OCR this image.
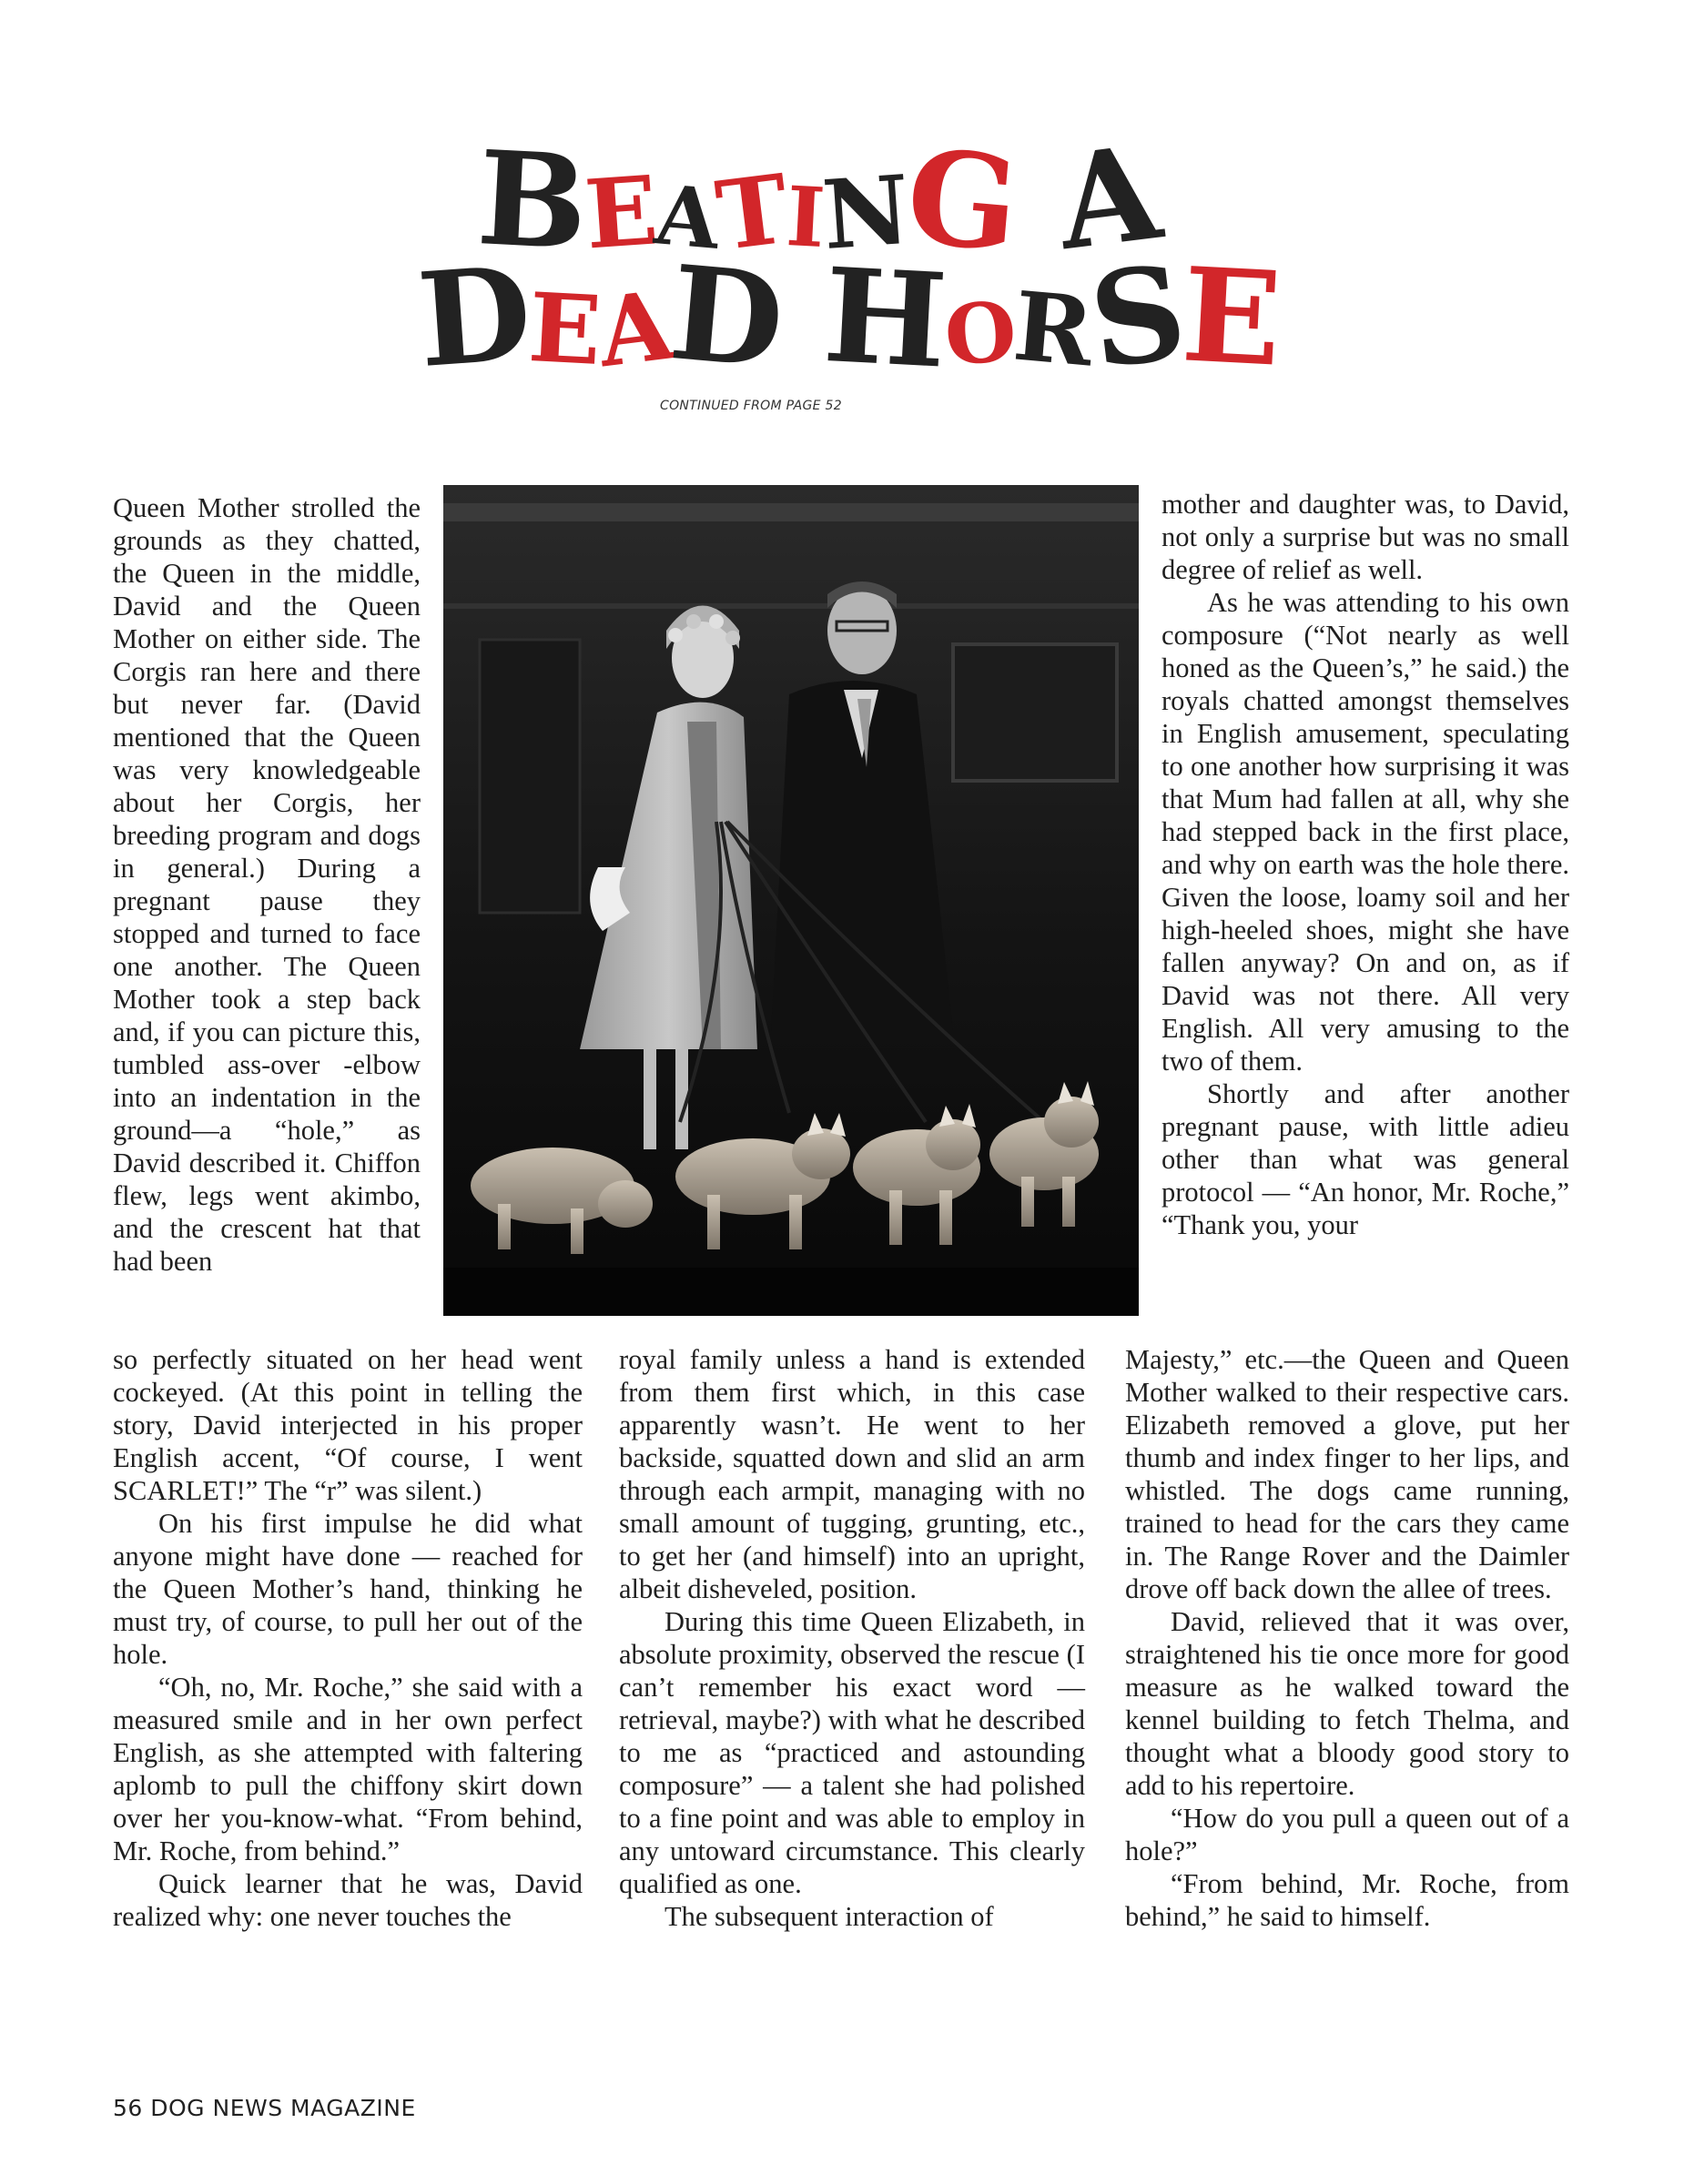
BEATING A
DEAD HORSE
CONTINUED FROM PAGE 52

Queen Mother strolled the grounds as they chatted, the Queen in the middle, David and the Queen Mother on either side. The Corgis ran here and there but never far. (David mentioned that the Queen was very knowledgeable about her Corgis, her breeding program and dogs in general.) During a pregnant pause they stopped and turned to face one another. The Queen Mother took a step back and, if you can picture this, tumbled ass-over -elbow into an indentation in the ground—a “hole,” as David described it. Chiffon flew, legs went akimbo, and the crescent hat that had been

so perfectly situated on her head went cockeyed. (At this point in telling the story, David interjected in his proper English accent, “Of course, I went SCARLET!” The “r” was silent.)

On his first impulse he did what anyone might have done — reached for the Queen Mother’s hand, thinking he must try, of course, to pull her out of the hole.

“Oh, no, Mr. Roche,” she said with a measured smile and in her own perfect English, as she attempted with faltering aplomb to pull the chiffony skirt down over her you-know-what. “From behind, Mr. Roche, from behind.”

Quick learner that he was, David realized why: one never touches the

royal family unless a hand is extended from them first which, in this case apparently wasn’t. He went to her backside, squatted down and slid an arm through each armpit, managing with no small amount of tugging, grunting, etc., to get her (and himself) into an upright, albeit disheveled, position.

During this time Queen Elizabeth, in absolute proximity, observed the rescue (I can’t remember his exact word — retrieval, maybe?) with what he described to me as “practiced and astounding composure” — a talent she had polished to a fine point and was able to employ in any untoward circumstance. This clearly qualified as one.

The subsequent interaction of

mother and daughter was, to David, not only a surprise but was no small degree of relief as well.

As he was attending to his own composure (“Not nearly as well honed as the Queen’s,” he said.) the royals chatted amongst themselves in English amusement, speculating to one another how surprising it was that Mum had fallen at all, why she had stepped back in the first place, and why on earth was the hole there. Given the loose, loamy soil and her high-heeled shoes, might she have fallen anyway? On and on, as if David was not there. All very English. All very amusing to the two of them.

Shortly and after another pregnant pause, with little adieu other than what was general protocol — “An honor, Mr. Roche,” “Thank you, your

Majesty,” etc.—the Queen and Queen Mother walked to their respective cars. Elizabeth removed a glove, put her thumb and index finger to her lips, and whistled. The dogs came running, trained to head for the cars they came in. The Range Rover and the Daimler drove off back down the allee of trees.

David, relieved that it was over, straightened his tie once more for good measure as he walked toward the kennel building to fetch Thelma, and thought what a bloody good story to add to his repertoire.

“How do you pull a queen out of a hole?”

“From behind, Mr. Roche, from behind,” he said to himself.

56 DOG NEWS MAGAZINE
